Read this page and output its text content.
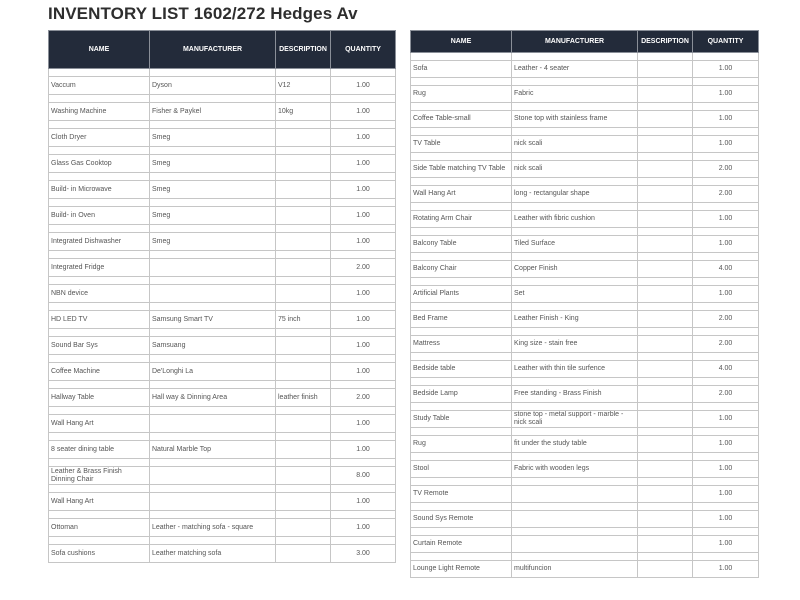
INVENTORY LIST 1602/272 Hedges Av
NAME	MANUFACTURER	DESCRIPTION	QUANTITY

Vaccum	Dyson	V12	1.00

Washing Machine	Fisher & Paykel	10kg	1.00

Cloth Dryer	Smeg		1.00

Glass Gas Cooktop	Smeg		1.00

Build- in Microwave	Smeg		1.00

Build- in Oven	Smeg		1.00

Integrated Dishwasher	Smeg		1.00

Integrated Fridge			2.00

NBN device			1.00

HD LED TV	Samsung Smart TV	75 inch	1.00

Sound Bar Sys	Samsuang		1.00

Coffee Machine	De'Longhi La		1.00

Hallway Table	Hall way & Dinning Area	leather finish	2.00

Wall Hang Art			1.00

8 seater dining table	Natural Marble Top		1.00

Leather & Brass Finish Dinning Chair			8.00

Wall Hang Art			1.00

Ottoman	Leather - matching sofa - square		1.00

Sofa cushions	Leather matching sofa		3.00
NAME	MANUFACTURER	DESCRIPTION	QUANTITY

Sofa	Leather - 4 seater		1.00

Rug	Fabric		1.00

Coffee Table-small	Stone top with stainless frame		1.00

TV Table	nick scali		1.00

Side Table matching TV Table	nick scali		2.00

Wall Hang Art	long - rectangular shape		2.00

Rotating Arm Chair	Leather with fibric cushion		1.00

Balcony Table	Tiled Surface		1.00

Balcony Chair	Copper Finish		4.00

Artificial Plants	Set		1.00

Bed Frame	Leather Finish - King		2.00

Mattress	King size - stain free		2.00

Bedside table	Leather with thin tile surfence		4.00

Bedside Lamp	Free standing - Brass Finish		2.00

Study Table	stone top - metal support - marble - nick scali		1.00

Rug	fit under the study table		1.00

Stool	Fabric with wooden legs		1.00

TV Remote			1.00

Sound Sys Remote			1.00

Curtain Remote			1.00

Lounge Light Remote	multifuncion		1.00
